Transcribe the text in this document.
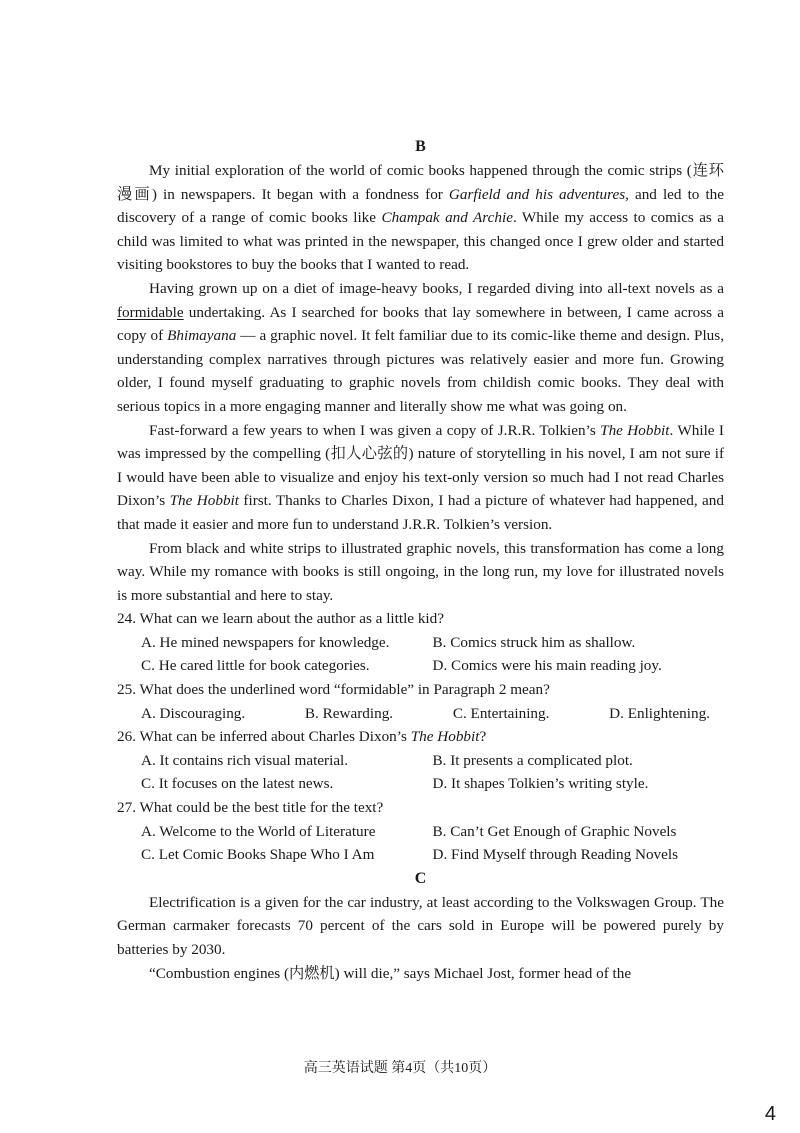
B

My initial exploration of the world of comic books happened through the comic strips (连环漫画) in newspapers. It began with a fondness for Garfield and his adventures, and led to the discovery of a range of comic books like Champak and Archie. While my access to comics as a child was limited to what was printed in the newspaper, this changed once I grew older and started visiting bookstores to buy the books that I wanted to read.

Having grown up on a diet of image-heavy books, I regarded diving into all-text novels as a formidable undertaking. As I searched for books that lay somewhere in between, I came across a copy of Bhimayana — a graphic novel. It felt familiar due to its comic-like theme and design. Plus, understanding complex narratives through pictures was relatively easier and more fun. Growing older, I found myself graduating to graphic novels from childish comic books. They deal with serious topics in a more engaging manner and literally show me what was going on.

Fast-forward a few years to when I was given a copy of J.R.R. Tolkien’s The Hobbit. While I was impressed by the compelling (扣人心弦的) nature of storytelling in his novel, I am not sure if I would have been able to visualize and enjoy his text-only version so much had I not read Charles Dixon’s The Hobbit first. Thanks to Charles Dixon, I had a picture of whatever had happened, and that made it easier and more fun to understand J.R.R. Tolkien’s version.

From black and white strips to illustrated graphic novels, this transformation has come a long way. While my romance with books is still ongoing, in the long run, my love for illustrated novels is more substantial and here to stay.

24. What can we learn about the author as a little kid?
A. He mined newspapers for knowledge.	B. Comics struck him as shallow.
C. He cared little for book categories.	D. Comics were his main reading joy.
25. What does the underlined word “formidable” in Paragraph 2 mean?
A. Discouraging.	B. Rewarding.	C. Entertaining.	D. Enlightening.
26. What can be inferred about Charles Dixon’s The Hobbit?
A. It contains rich visual material.	B. It presents a complicated plot.
C. It focuses on the latest news.	D. It shapes Tolkien’s writing style.
27. What could be the best title for the text?
A. Welcome to the World of Literature	B. Can’t Get Enough of Graphic Novels
C. Let Comic Books Shape Who I Am	D. Find Myself through Reading Novels
C

Electrification is a given for the car industry, at least according to the Volkswagen Group. The German carmaker forecasts 70 percent of the cars sold in Europe will be powered purely by batteries by 2030.

“Combustion engines (内燃机) will die,” says Michael Jost, former head of the

高三英语试题 第4页（共10页）
4
